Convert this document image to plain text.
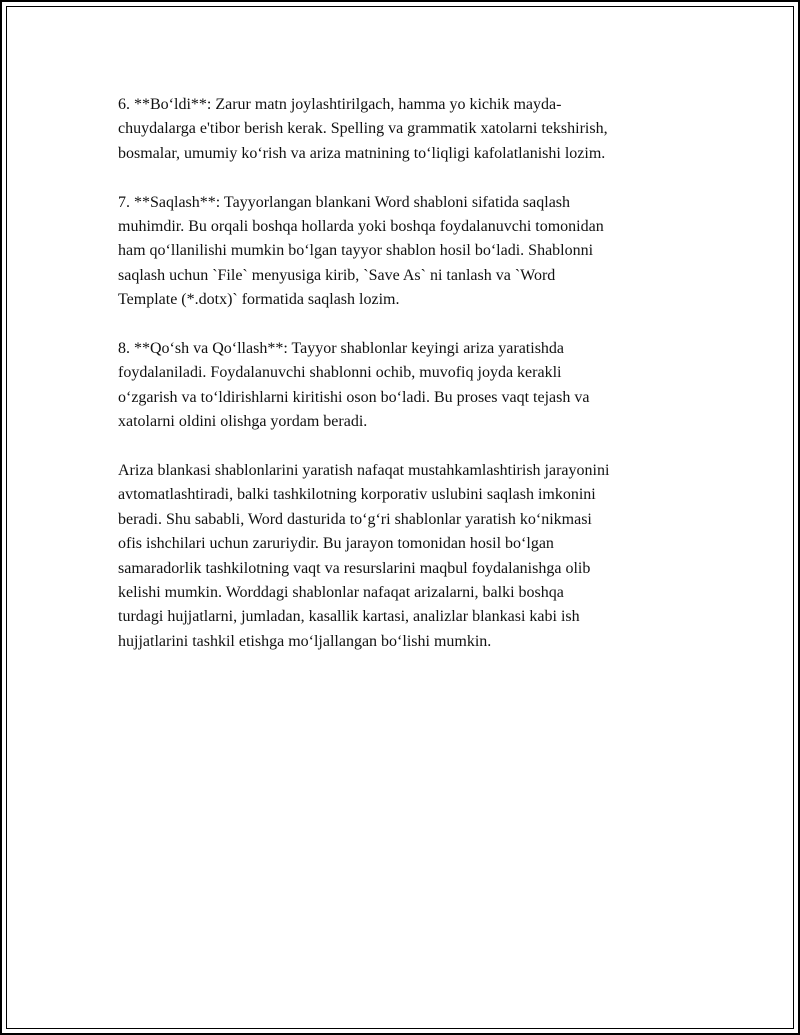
6. **Bo‘ldi**: Zarur matn joylashtirilgach, hamma yo kichik mayda-
chuydalarga e'tibor berish kerak. Spelling va grammatik xatolarni tekshirish,
bosmalar, umumiy ko‘rish va ariza matnining to‘liqligi kafolatlanishi lozim.

7. **Saqlash**: Tayyorlangan blankani Word shabloni sifatida saqlash
muhimdir. Bu orqali boshqa hollarda yoki boshqa foydalanuvchi tomonidan
ham qo‘llanilishi mumkin bo‘lgan tayyor shablon hosil bo‘ladi. Shablonni
saqlash uchun `File` menyusiga kirib, `Save As` ni tanlash va `Word
Template (*.dotx)` formatida saqlash lozim.

8. **Qo‘sh va Qo‘llash**: Tayyor shablonlar keyingi ariza yaratishda
foydalaniladi. Foydalanuvchi shablonni ochib, muvofiq joyda kerakli
o‘zgarish va to‘ldirishlarni kiritishi oson bo‘ladi. Bu proses vaqt tejash va
xatolarni oldini olishga yordam beradi.

Ariza blankasi shablonlarini yaratish nafaqat mustahkamlashtirish jarayonini
avtomatlashtiradi, balki tashkilotning korporativ uslubini saqlash imkonini
beradi. Shu sababli, Word dasturida to‘g‘ri shablonlar yaratish ko‘nikmasi
ofis ishchilari uchun zaruriydir. Bu jarayon tomonidan hosil bo‘lgan
samaradorlik tashkilotning vaqt va resurslarini maqbul foydalanishga olib
kelishi mumkin. Worddagi shablonlar nafaqat arizalarni, balki boshqa
turdagi hujjatlarni, jumladan, kasallik kartasi, analizlar blankasi kabi ish
hujjatlarini tashkil etishga mo‘ljallangan bo‘lishi mumkin.
